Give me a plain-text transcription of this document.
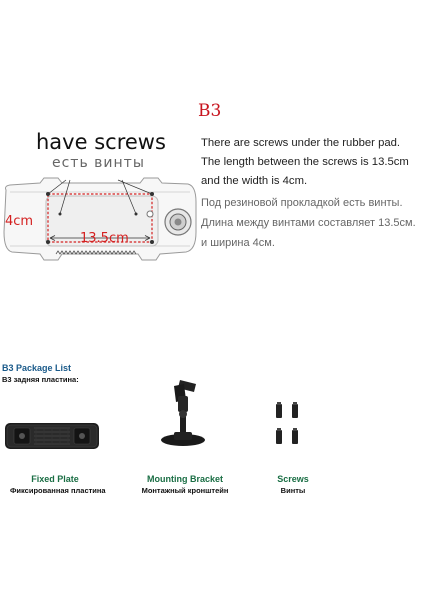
B3
have screws
есть винты
4cm
13.5cm
There are screws under the rubber pad.
The length between the screws is 13.5cm
and the width is 4cm.
Под резиновой прокладкой есть винты.
Длина между винтами составляет 13.5см.
и ширина 4см.
B3 Package List
B3 задняя пластина:
Fixed Plate
Фиксированная пластина
Mounting Bracket
Монтажный кронштейн
Screws
Винты
